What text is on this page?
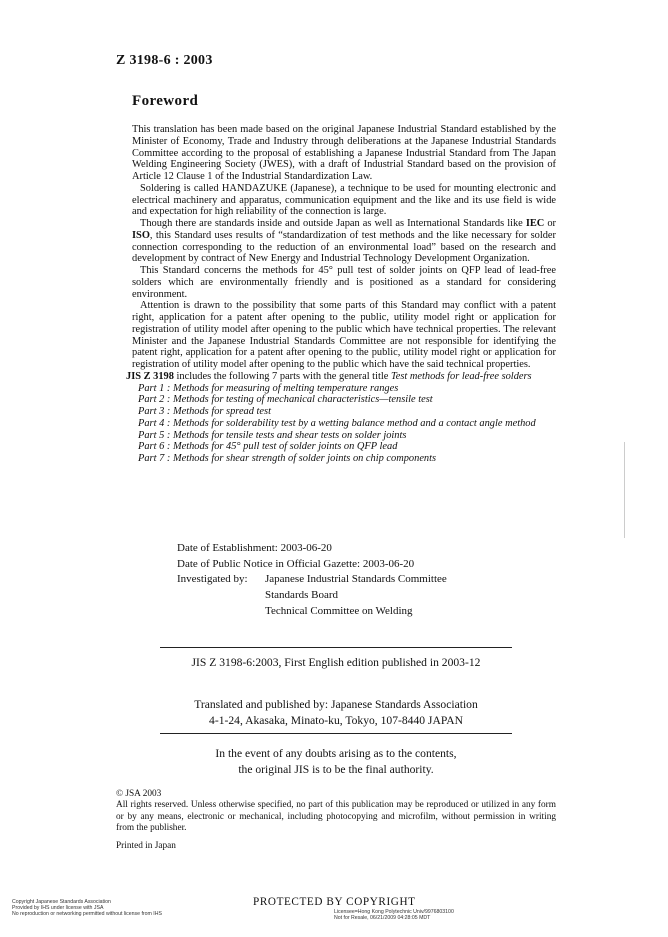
Z 3198-6 : 2003
Foreword

This translation has been made based on the original Japanese Industrial Standard established by the Minister of Economy, Trade and Industry through deliberations at the Japanese Industrial Standards Committee according to the proposal of establishing a Japanese Industrial Standard from The Japan Welding Engineering Society (JWES), with a draft of Industrial Standard based on the provision of Article 12 Clause 1 of the Industrial Standardization Law.

Soldering is called HANDAZUKE (Japanese), a technique to be used for mounting electronic and electrical machinery and apparatus, communication equipment and the like and its use field is wide and expectation for high reliability of the connection is large.

Though there are standards inside and outside Japan as well as International Standards like IEC or ISO, this Standard uses results of “standardization of test methods and the like necessary for solder connection corresponding to the reduction of an environmental load” based on the research and development by contract of New Energy and Industrial Technology Development Organization.

This Standard concerns the methods for 45° pull test of solder joints on QFP lead of lead-free solders which are environmentally friendly and is positioned as a standard for considering environment.

Attention is drawn to the possibility that some parts of this Standard may conflict with a patent right, application for a patent after opening to the public, utility model right or application for registration of utility model after opening to the public which have technical properties. The relevant Minister and the Japanese Industrial Standards Committee are not responsible for identifying the patent right, application for a patent after opening to the public, utility model right or application for registration of utility model after opening to the public which have the said technical properties.

JIS Z 3198 includes the following 7 parts with the general title Test methods for lead-free solders

Part 1 : Methods for measuring of melting temperature ranges
Part 2 : Methods for testing of mechanical characteristics—tensile test
Part 3 : Methods for spread test
Part 4 : Methods for solderability test by a wetting balance method and a contact angle method
Part 5 : Methods for tensile tests and shear tests on solder joints
Part 6 : Methods for 45° pull test of solder joints on QFP lead
Part 7 : Methods for shear strength of solder joints on chip components
Date of Establishment: 2003-06-20
Date of Public Notice in Official Gazette: 2003-06-20
Investigated by: Japanese Industrial Standards Committee
Standards Board
Technical Committee on Welding
JIS Z 3198-6:2003, First English edition published in 2003-12
Translated and published by: Japanese Standards Association
4-1-24, Akasaka, Minato-ku, Tokyo, 107-8440 JAPAN
In the event of any doubts arising as to the contents,
the original JIS is to be the final authority.
© JSA 2003
All rights reserved. Unless otherwise specified, no part of this publication may be reproduced or utilized in any form or by any means, electronic or mechanical, including photocopying and microfilm, without permission in writing from the publisher.
Printed in Japan
Copyright Japanese Standards Association
Provided by IHS under license with JSA
No reproduction or networking permitted without license from IHS
PROTECTED BY COPYRIGHT
Licensee=Hong Kong Polytechnic Univ/9976803100
Not for Resale, 06/21/2009 04:28:05 MDT
